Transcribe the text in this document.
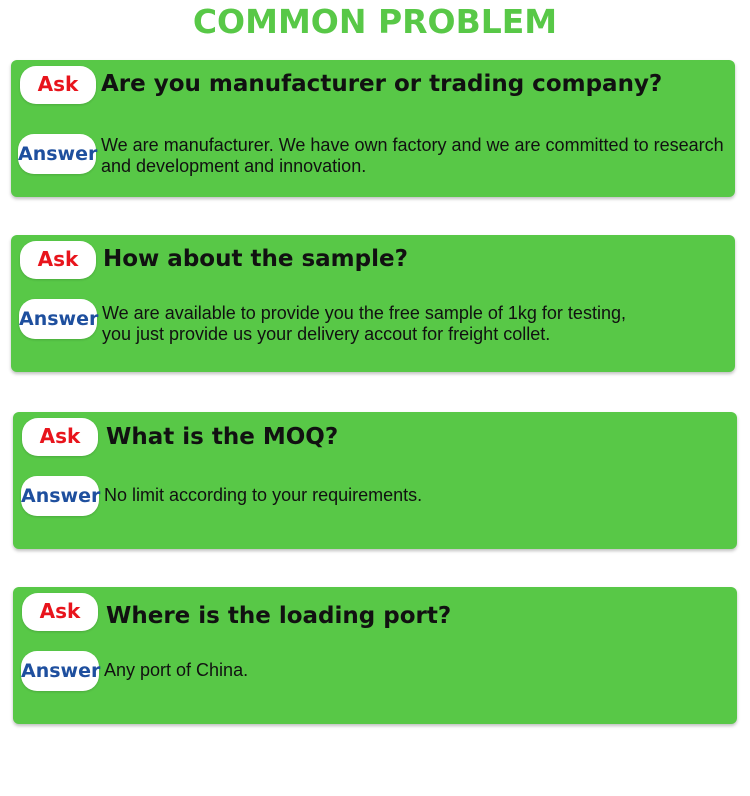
COMMON PROBLEM
Ask Are you manufacturer or trading company?
Answer We are manufacturer. We have own factory and we are committed to research
and development and innovation.
Ask	How about the sample?
Answer We are available to provide you the free sample of 1kg for testing,
you just provide us your delivery accout for freight collet.
Ask	What is the MOQ?
Answer No limit according to your requirements.
Ask	Where is the loading port?
Answer Any port of China.
